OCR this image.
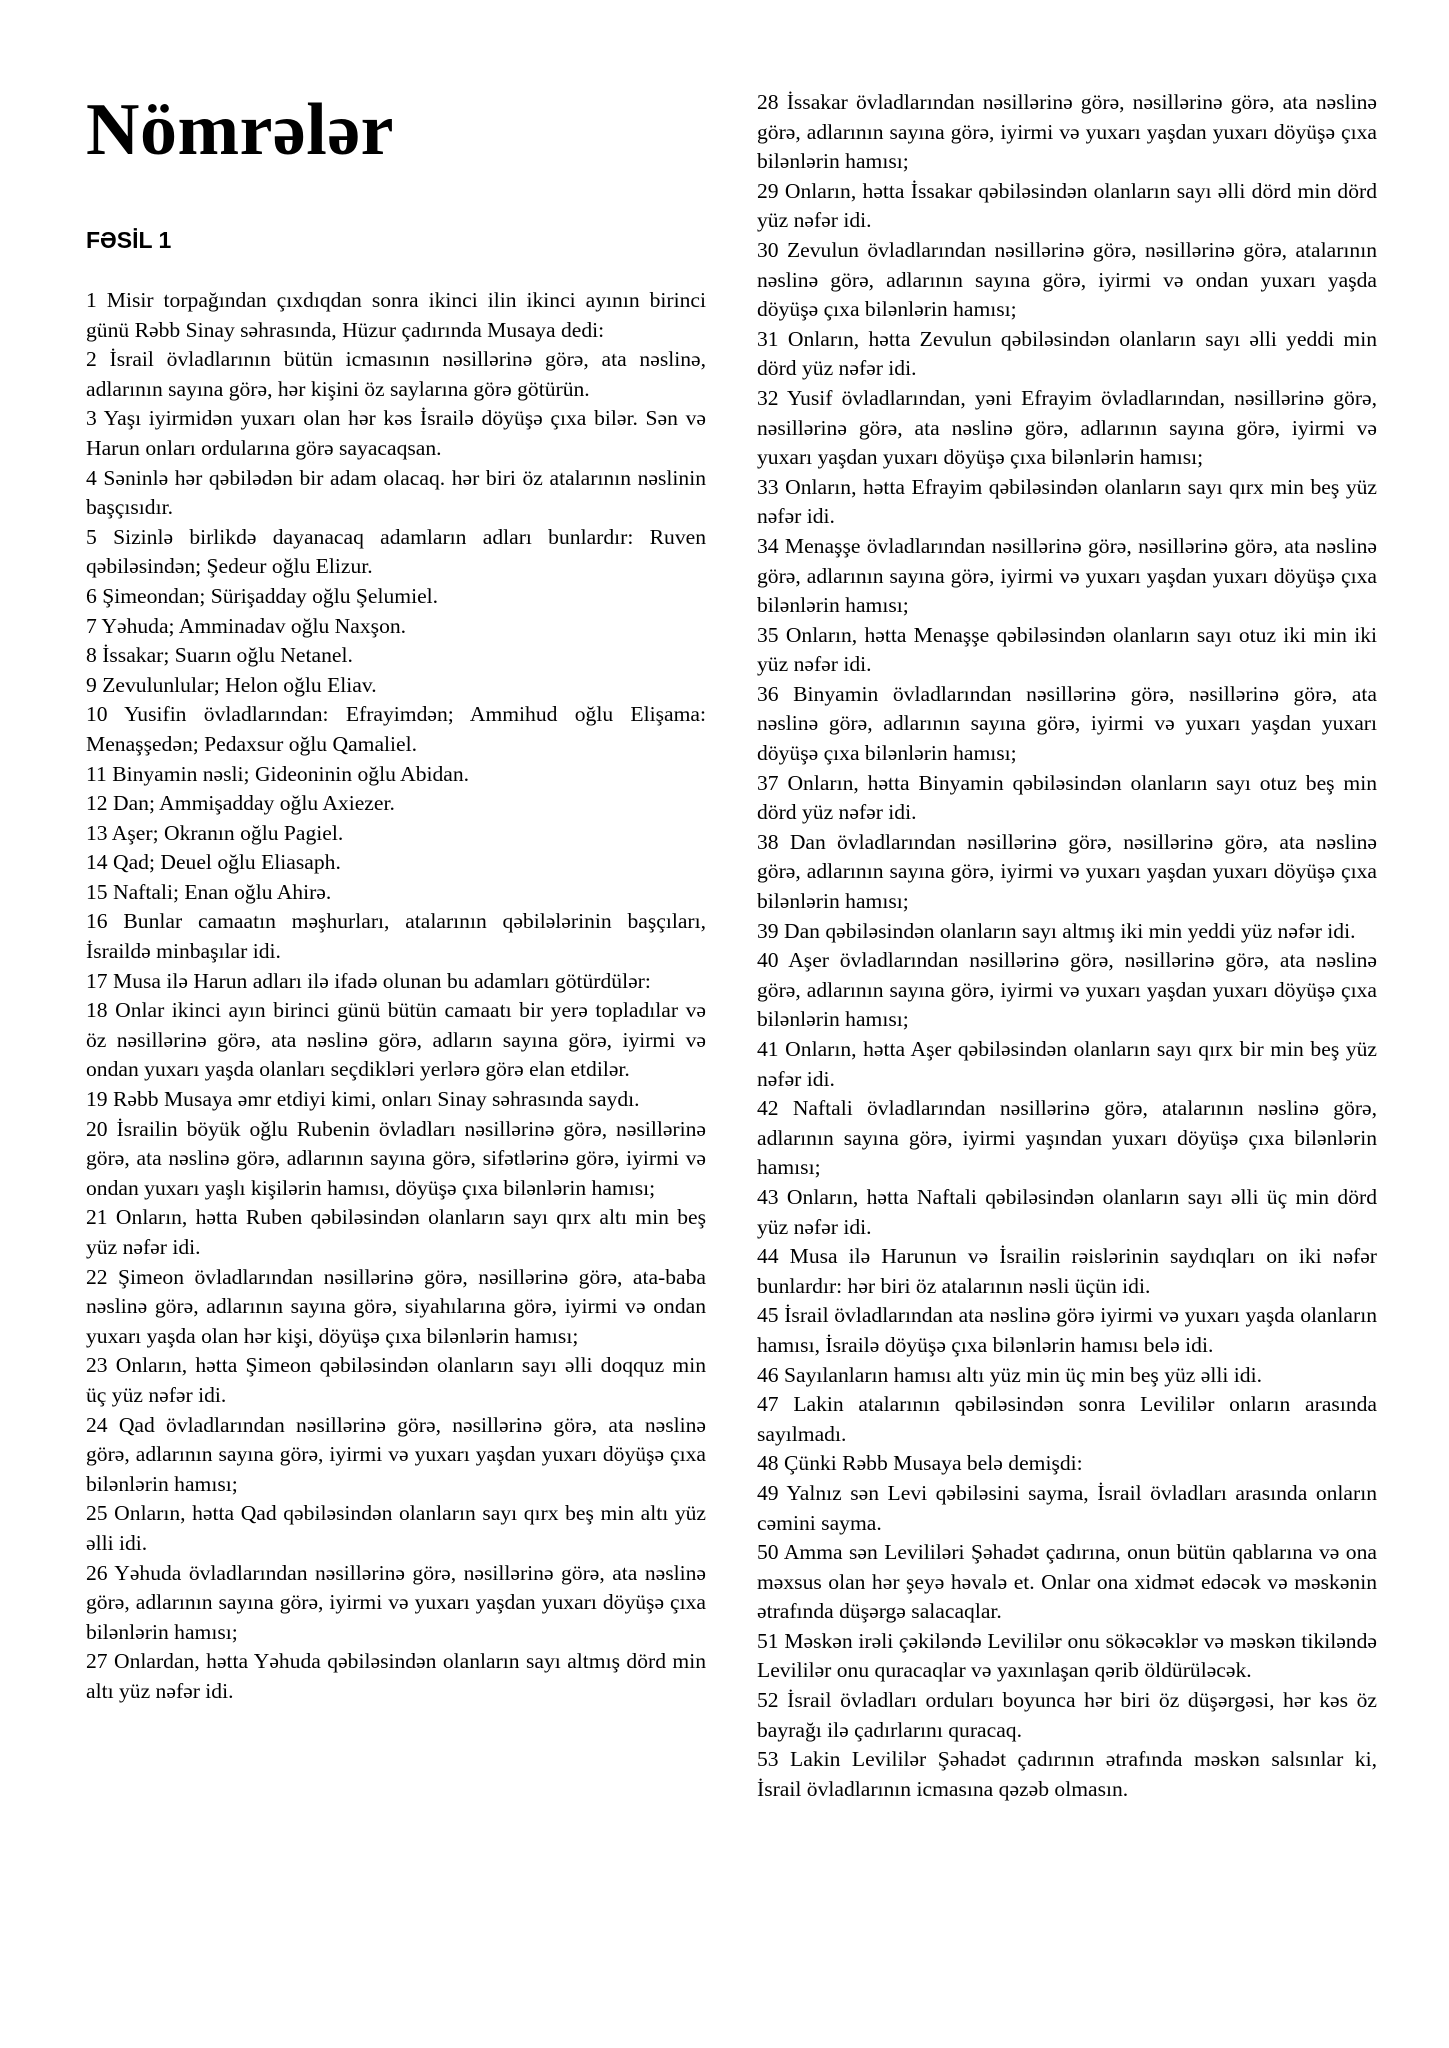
Nömrələr
FƏSİL 1

1 Misir torpağından çıxdıqdan sonra ikinci ilin ikinci ayının birinci günü Rəbb Sinay səhrasında, Hüzur çadırında Musaya dedi:

2 İsrail övladlarının bütün icmasının nəsillərinə görə, ata nəslinə, adlarının sayına görə, hər kişini öz saylarına görə götürün.

3 Yaşı iyirmidən yuxarı olan hər kəs İsrailə döyüşə çıxa bilər. Sən və Harun onları ordularına görə sayacaqsan.

4 Səninlə hər qəbilədən bir adam olacaq. hər biri öz atalarının nəslinin başçısıdır.

5 Sizinlə birlikdə dayanacaq adamların adları bunlardır: Ruven qəbiləsindən; Şedeur oğlu Elizur.

6 Şimeondan; Sürişadday oğlu Şelumiel.

7 Yəhuda; Amminadav oğlu Naxşon.

8 İssakar; Suarın oğlu Netanel.

9 Zevulunlular; Helon oğlu Eliav.

10 Yusifin övladlarından: Efrayimdən; Ammihud oğlu Elişama: Menaşşedən; Pedaxsur oğlu Qamaliel.

11 Binyamin nəsli; Gideoninin oğlu Abidan.

12 Dan; Ammişadday oğlu Axiezer.

13 Aşer; Okranın oğlu Pagiel.

14 Qad; Deuel oğlu Eliasaph.

15 Naftali; Enan oğlu Ahirə.

16 Bunlar camaatın məşhurları, atalarının qəbilələrinin başçıları, İsraildə minbaşılar idi.

17 Musa ilə Harun adları ilə ifadə olunan bu adamları götürdülər:

18 Onlar ikinci ayın birinci günü bütün camaatı bir yerə topladılar və öz nəsillərinə görə, ata nəslinə görə, adların sayına görə, iyirmi və ondan yuxarı yaşda olanları seçdikləri yerlərə görə elan etdilər.

19 Rəbb Musaya əmr etdiyi kimi, onları Sinay səhrasında saydı.

20 İsrailin böyük oğlu Rubenin övladları nəsillərinə görə, nəsillərinə görə, ata nəslinə görə, adlarının sayına görə, sifətlərinə görə, iyirmi və ondan yuxarı yaşlı kişilərin hamısı, döyüşə çıxa bilənlərin hamısı;

21 Onların, hətta Ruben qəbiləsindən olanların sayı qırx altı min beş yüz nəfər idi.

22 Şimeon övladlarından nəsillərinə görə, nəsillərinə görə, ata-baba nəslinə görə, adlarının sayına görə, siyahılarına görə, iyirmi və ondan yuxarı yaşda olan hər kişi, döyüşə çıxa bilənlərin hamısı;

23 Onların, hətta Şimeon qəbiləsindən olanların sayı əlli doqquz min üç yüz nəfər idi.

24 Qad övladlarından nəsillərinə görə, nəsillərinə görə, ata nəslinə görə, adlarının sayına görə, iyirmi və yuxarı yaşdan yuxarı döyüşə çıxa bilənlərin hamısı;

25 Onların, hətta Qad qəbiləsindən olanların sayı qırx beş min altı yüz əlli idi.

26 Yəhuda övladlarından nəsillərinə görə, nəsillərinə görə, ata nəslinə görə, adlarının sayına görə, iyirmi və yuxarı yaşdan yuxarı döyüşə çıxa bilənlərin hamısı;

27 Onlardan, hətta Yəhuda qəbiləsindən olanların sayı altmış dörd min altı yüz nəfər idi.

28 İssakar övladlarından nəsillərinə görə, nəsillərinə görə, ata nəslinə görə, adlarının sayına görə, iyirmi və yuxarı yaşdan yuxarı döyüşə çıxa bilənlərin hamısı;

29 Onların, hətta İssakar qəbiləsindən olanların sayı əlli dörd min dörd yüz nəfər idi.

30 Zevulun övladlarından nəsillərinə görə, nəsillərinə görə, atalarının nəslinə görə, adlarının sayına görə, iyirmi və ondan yuxarı yaşda döyüşə çıxa bilənlərin hamısı;

31 Onların, hətta Zevulun qəbiləsindən olanların sayı əlli yeddi min dörd yüz nəfər idi.

32 Yusif övladlarından, yəni Efrayim övladlarından, nəsillərinə görə, nəsillərinə görə, ata nəslinə görə, adlarının sayına görə, iyirmi və yuxarı yaşdan yuxarı döyüşə çıxa bilənlərin hamısı;

33 Onların, hətta Efrayim qəbiləsindən olanların sayı qırx min beş yüz nəfər idi.

34 Menaşşe övladlarından nəsillərinə görə, nəsillərinə görə, ata nəslinə görə, adlarının sayına görə, iyirmi və yuxarı yaşdan yuxarı döyüşə çıxa bilənlərin hamısı;

35 Onların, hətta Menaşşe qəbiləsindən olanların sayı otuz iki min iki yüz nəfər idi.

36 Binyamin övladlarından nəsillərinə görə, nəsillərinə görə, ata nəslinə görə, adlarının sayına görə, iyirmi və yuxarı yaşdan yuxarı döyüşə çıxa bilənlərin hamısı;

37 Onların, hətta Binyamin qəbiləsindən olanların sayı otuz beş min dörd yüz nəfər idi.

38 Dan övladlarından nəsillərinə görə, nəsillərinə görə, ata nəslinə görə, adlarının sayına görə, iyirmi və yuxarı yaşdan yuxarı döyüşə çıxa bilənlərin hamısı;

39 Dan qəbiləsindən olanların sayı altmış iki min yeddi yüz nəfər idi.

40 Aşer övladlarından nəsillərinə görə, nəsillərinə görə, ata nəslinə görə, adlarının sayına görə, iyirmi və yuxarı yaşdan yuxarı döyüşə çıxa bilənlərin hamısı;

41 Onların, hətta Aşer qəbiləsindən olanların sayı qırx bir min beş yüz nəfər idi.

42 Naftali övladlarından nəsillərinə görə, atalarının nəslinə görə, adlarının sayına görə, iyirmi yaşından yuxarı döyüşə çıxa bilənlərin hamısı;

43 Onların, hətta Naftali qəbiləsindən olanların sayı əlli üç min dörd yüz nəfər idi.

44 Musa ilə Harunun və İsrailin rəislərinin saydıqları on iki nəfər bunlardır: hər biri öz atalarının nəsli üçün idi.

45 İsrail övladlarından ata nəslinə görə iyirmi və yuxarı yaşda olanların hamısı, İsrailə döyüşə çıxa bilənlərin hamısı belə idi.

46 Sayılanların hamısı altı yüz min üç min beş yüz əlli idi.

47 Lakin atalarının qəbiləsindən sonra Levililər onların arasında sayılmadı.

48 Çünki Rəbb Musaya belə demişdi:

49 Yalnız sən Levi qəbiləsini sayma, İsrail övladları arasında onların cəmini sayma.

50 Amma sən Levililəri Şəhadət çadırına, onun bütün qablarına və ona məxsus olan hər şeyə həvalə et. Onlar ona xidmət edəcək və məskənin ətrafında düşərgə salacaqlar.

51 Məskən irəli çəkiləndə Levililər onu sökəcəklər və məskən tikiləndə Levililər onu quracaqlar və yaxınlaşan qərib öldürüləcək.

52 İsrail övladları orduları boyunca hər biri öz düşərgəsi, hər kəs öz bayrağı ilə çadırlarını quracaq.

53 Lakin Levililər Şəhadət çadırının ətrafında məskən salsınlar ki, İsrail övladlarının icmasına qəzəb olmasın.
